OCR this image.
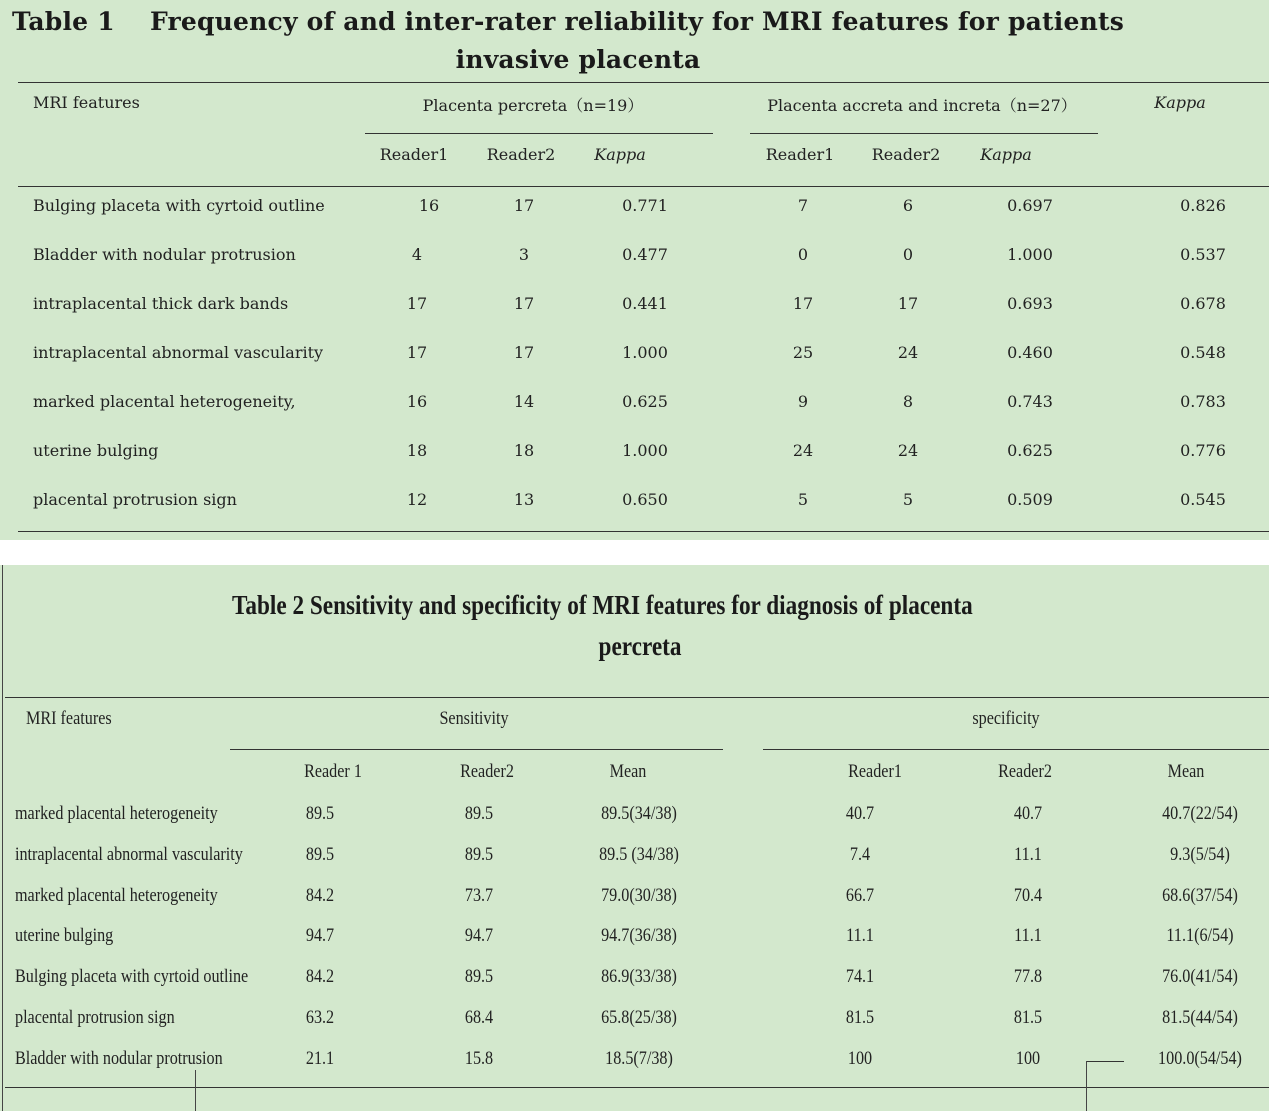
Table 1 Frequency of and inter-rater reliability for MRI features for patients
invasive placenta
MRI features	Placenta percreta（n=19）	Placenta accreta and increta（n=27）	Kappa
Reader1 Reader2 Kappa	Reader1 Reader2 Kappa
Bulging placeta with cyrtoid outline	16	17	0.771	7	6	0.697	0.826
Bladder with nodular protrusion	4	3	0.477	0	0	1.000	0.537
intraplacental thick dark bands	17	17	0.441	17	17	0.693	0.678
intraplacental abnormal vascularity	17	17	1.000	25	24	0.460	0.548
marked placental heterogeneity,	16	14	0.625	9	8	0.743	0.783
uterine bulging	18	18	1.000	24	24	0.625	0.776
placental protrusion sign	12	13	0.650	5	5	0.509	0.545
Table 2 Sensitivity and specificity of MRI features for diagnosis of placenta
percreta
MRI features	Sensitivity	specificity
Reader 1	Reader2	Mean	Reader1	Reader2	Mean
marked placental heterogeneity	89.5	89.5	89.5(34/38)	40.7	40.7	40.7(22/54)
intraplacental abnormal vascularity	89.5	89.5	89.5 (34/38)	7.4	11.1	9.3(5/54)
marked placental heterogeneity	84.2	73.7	79.0(30/38)	66.7	70.4	68.6(37/54)
uterine bulging	94.7	94.7	94.7(36/38)	11.1	11.1	11.1(6/54)
Bulging placeta with cyrtoid outline	84.2	89.5	86.9(33/38)	74.1	77.8	76.0(41/54)
placental protrusion sign	63.2	68.4	65.8(25/38)	81.5	81.5	81.5(44/54)
Bladder with nodular protrusion	21.1	15.8	18.5(7/38)	100	100	100.0(54/54)
